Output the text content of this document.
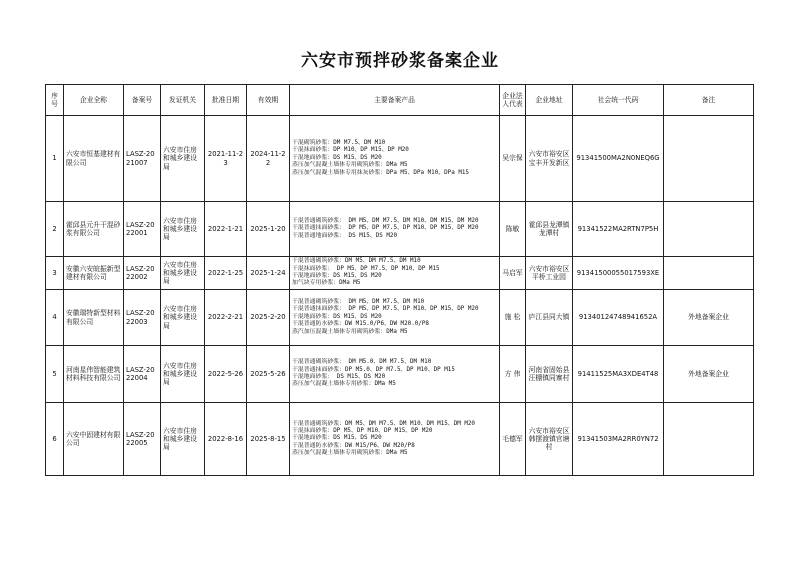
六安市预拌砂浆备案企业
序号	企业全称	备案号	发证机关	批准日期	有效期	主要备案产品	企业法人代表	企业地址	社会统一代码	备注
1	六安市恒基建材有限公司	LASZ-2021007	六安市住房和城乡建设局	2021-11-23	2024-11-22	干混砌筑砂浆：DM M7.5、DM M10
干混抹面砂浆：DP M10、DP M15、DP M20
干混地面砂浆：DS M15、DS M20
蒸压加气混凝土墙体专用砌筑砂浆：DMa M5
蒸压加气混凝土墙体专用抹灰砂浆：DPa M5、DPa M10、DPa M15	吴宗保	六安市裕安区宝丰开发新区	91341500MA2N0NEQ6G	
2	霍邱县元升干混砂浆有限公司	LASZ-2022001	六安市住房和城乡建设局	2022-1-21	2025-1-20	干混普通砌筑砂浆： DM M5、DM M7.5、DM M10、DM M15、DM M20
干混普通抹面砂浆： DP M5、DP M7.5、DP M10、DP M15、DP M20
干混普通地面砂浆： DS M15、DS M20	陈敏	霍邱县龙潭镇龙潭村	91341522MA2RTN7P5H	
3	安徽六安皖振新型建材有限公司	LASZ-2022002	六安市住房和城乡建设局	2022-1-25	2025-1-24	干混普通砌筑砂浆：DM M5、DM M7.5、DM M10
干混抹面砂浆： DP M5、DP M7.5、DP M10、DP M15
干混地面砂浆：DS M15、DS M20
加气块专用砂浆：DMa M5	马启军	六安市裕安区平桥工业园	91341500055017593XE	
4	安徽瑞特新型材料有限公司	LASZ-2022003	六安市住房和城乡建设局	2022-2-21	2025-2-20	干混普通砌筑砂浆： DM M5、DM M7.5、DM M10
干混普通抹面砂浆： DP M5、DP M7.5、DP M10、DP M15、DP M20
干混地面砂浆：DS M15、DS M20
干混普通防水砂浆：DW M15.0/P6、DW M20.0/P8
蒸汽加压混凝土墙体专用砌筑砂浆：DMa M5	施 松	庐江县同大镇	91340124748941652A	外地备案企业
5	河南星伟智能建筑材料科技有限公司	LASZ-2022004	六安市住房和城乡建设局	2022-5-26	2025-5-26	干混普通砌筑砂浆： DM M5.0、DM M7.5、DM M10
干混普通抹面砂浆：DP M5.0、DP M7.5、DP M10、DP M15
干混地面砂浆： DS M15、DS M20
蒸压加气混凝土墙体专用砂浆：DMa M5	方 伟	河南省固始县汪棚镇同寨村	91411525MA3XDE4T48	外地备案企业
6	六安中固建材有限公司	LASZ-2022005	六安市住房和城乡建设局	2022-8-16	2025-8-15	干混普通砌筑砂浆：DM M5、DM M7.5、DM M10、DM M15、DM M20
干混抹面砂浆：DP M5、DP M10、DP M15、DP M20
干混地面砂浆：DS M15、DS M20
干混普通防水砂浆：DW M15/P6、DW M20/P8
蒸压加气混凝土墙体专用砌筑砂浆：DMa M5	毛德军	六安市裕安区韩摆渡镇官塘村	91341503MA2RR0YN72	
